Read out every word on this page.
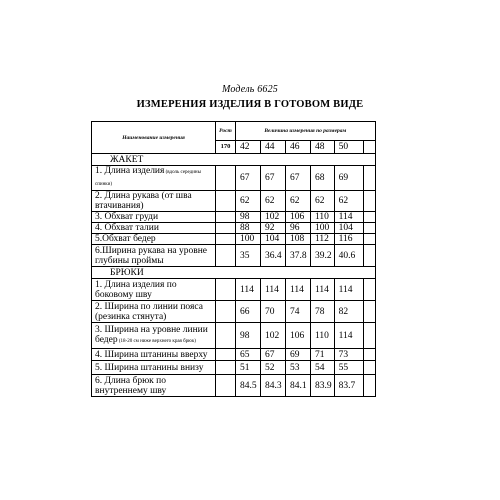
Модель 6625
ИЗМЕРЕНИЯ ИЗДЕЛИЯ В ГОТОВОМ ВИДЕ
Наименование измерения	Рост	Величина измерения по размерам					
	170	42	44	46	48	50	
ЖАКЕТ							
1. Длина изделия (вдоль середины спинки)		67	67	67	68	69	
2. Длина рукава (от шва втачивания)		62	62	62	62	62	
3. Обхват груди		98	102	106	110	114	
4. Обхват талии		88	92	96	100	104	
5.Обхват бедер		100	104	108	112	116	
6.Ширина рукава на уровне глубины проймы		35	36.4	37.8	39.2	40.6	
БРЮКИ							
1. Длина изделия по боковому шву		114	114	114	114	114	
2. Ширина по линии пояса (резинка стянута)		66	70	74	78	82	
3. Ширина на уровне линии бедер (18-20 см ниже верхнего края брюк)		98	102	106	110	114	
4. Ширина штанины вверху		65	67	69	71	73	
5. Ширина штанины внизу		51	52	53	54	55	
6. Длина брюк по внутреннему шву		84.5	84.3	84.1	83.9	83.7	
